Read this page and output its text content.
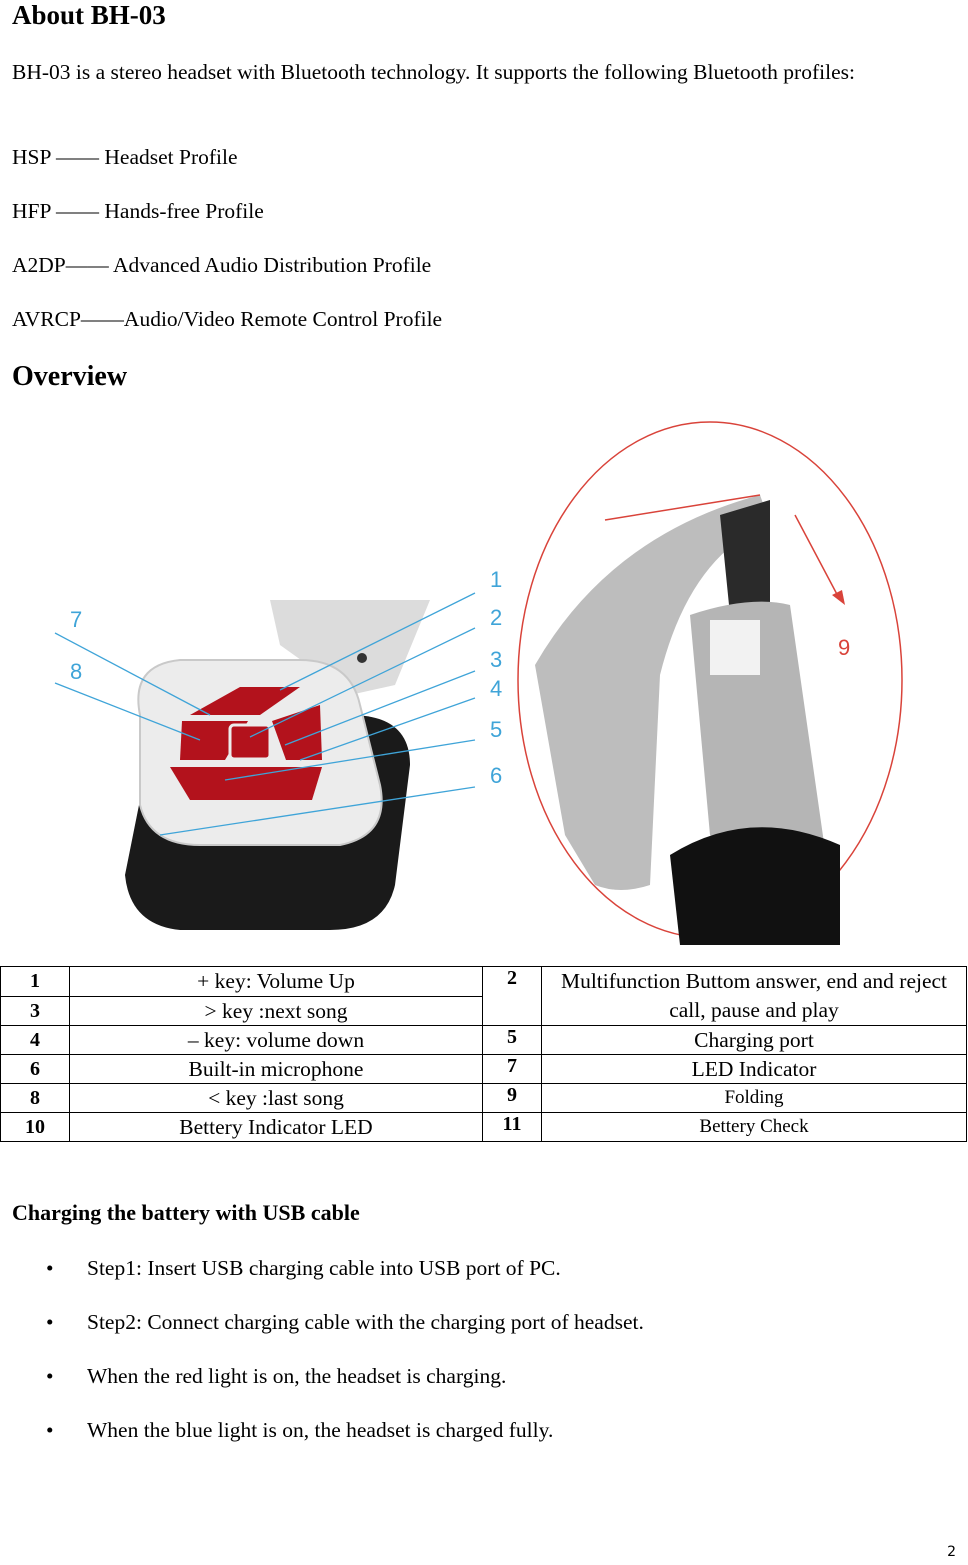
About BH-03

BH-03 is a stereo headset with Bluetooth technology. It supports the following Bluetooth profiles:

HSP —— Headset Profile

HFP —— Hands-free Profile

A2DP—— Advanced Audio Distribution Profile

AVRCP——Audio/Video Remote Control Profile

Overview
1
2
3
4
5
6
7
8
9
1	+ key: Volume Up	2	Multifunction Buttom answer, end and reject call, pause and play
3	> key :next song		
4	– key: volume down	5	Charging port
6	Built-in microphone	7	LED Indicator
8	< key :last song	9	Folding
10	Bettery Indicator LED	11	Bettery Check
Charging the battery with USB cable
• Step1: Insert USB charging cable into USB port of PC.
• Step2: Connect charging cable with the charging port of headset.
• When the red light is on, the headset is charging.
• When the blue light is on, the headset is charged fully.
2
